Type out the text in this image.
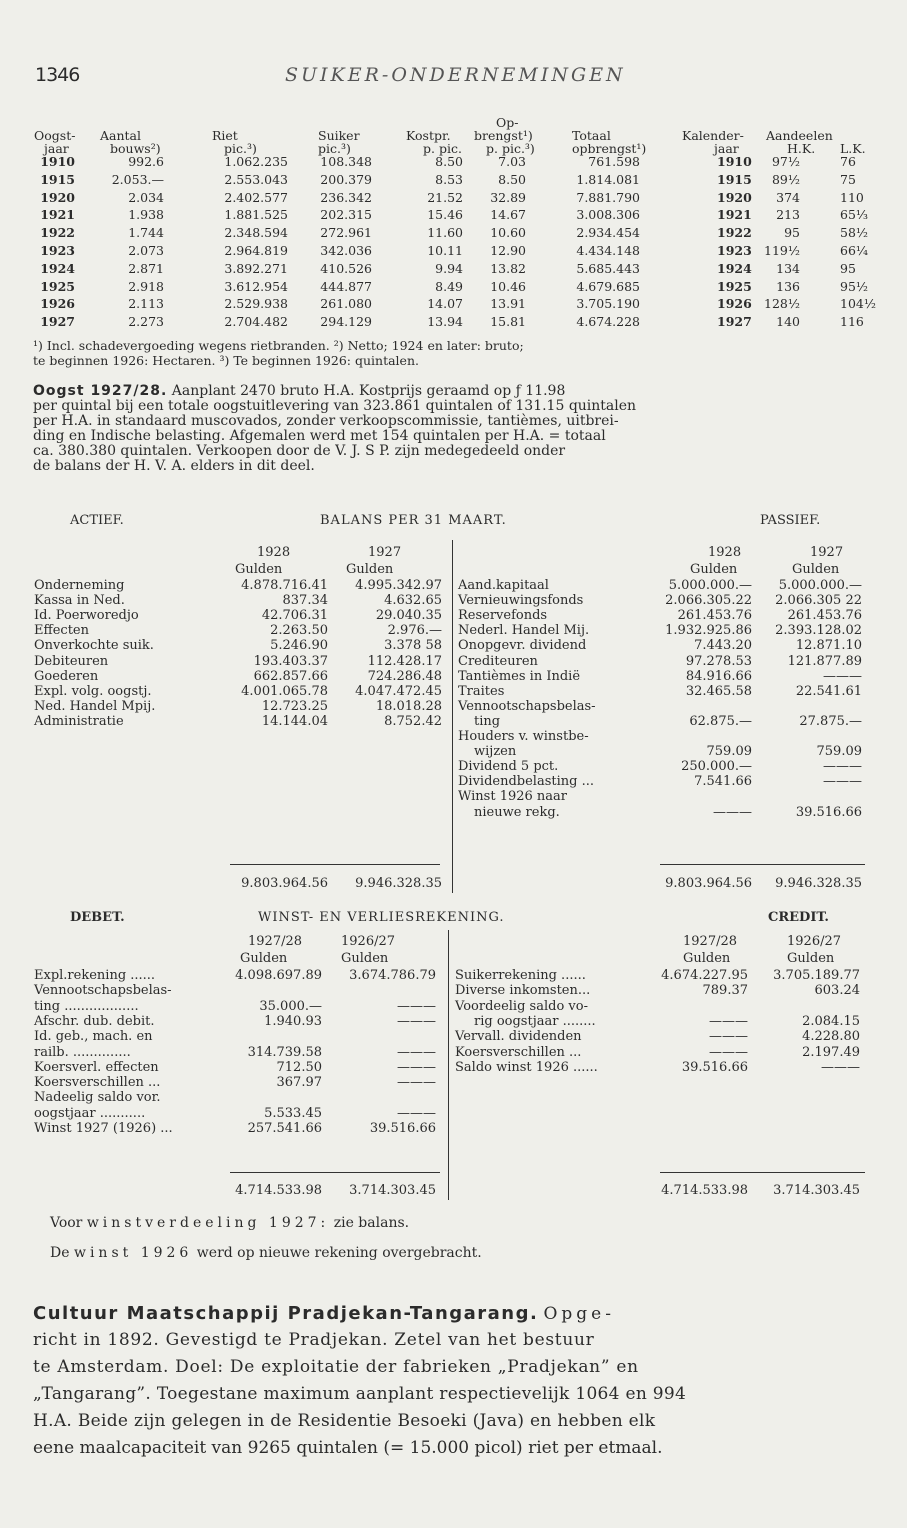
1346	SUIKER-ONDERNEMINGEN
Op-
Oogst- Aantal	Riet	Suiker	Kostpr. brengst¹)	Totaal	Kalender- Aandeelen
jaar	bouws²)	pic.³)	pic.³)	p. pic. p. pic.³)	opbrengst¹)	jaar	H.K. L.K.
1910	992.6	1.062.235	108.348	8.50	7.03	761.598	1910	97½	76
1915	2.053.—	2.553.043	200.379	8.53	8.50	1.814.081	1915	89½	75
1920	2.034	2.402.577	236.342	21.52	32.89	7.881.790	1920	374	110
1921	1.938	1.881.525	202.315	15.46	14.67	3.008.306	1921	213	65⅓
1922	1.744	2.348.594	272.961	11.60	10.60	2.934.454	1922	95	58½
1923	2.073	2.964.819	342.036	10.11	12.90	4.434.148	1923 119½	66¼
1924	2.871	3.892.271	410.526	9.94	13.82	5.685.443	1924	134	95
1925	2.918	3.612.954	444.877	8.49	10.46	4.679.685	1925	136	95½
1926	2.113	2.529.938	261.080	14.07	13.91	3.705.190	1926 128½	104½
1927	2.273	2.704.482	294.129	13.94	15.81	4.674.228	1927	140	116
¹) Incl. schadevergoeding wegens rietbranden. ²) Netto; 1924 en later: bruto;
te beginnen 1926: Hectaren. ³) Te beginnen 1926: quintalen.
Oogst 1927/28. Aanplant 2470 bruto H.A. Kostprijs geraamd op ƒ 11.98
per quintal bij een totale oogstuitlevering van 323.861 quintalen of 131.15 quintalen
per H.A. in standaard muscovados, zonder verkoopscommissie, tantièmes, uitbrei-
ding en Indische belasting. Afgemalen werd met 154 quintalen per H.A. = totaal
ca. 380.380 quintalen. Verkoopen door de V. J. S P. zijn medegedeeld onder
de balans der H. V. A. elders in dit deel.
ACTIEF.	BALANS PER 31 MAART.	PASSIEF.
1928	1927
Gulden	Gulden
1928	1927
Gulden	Gulden
Onderneming	4.878.716.41	4.995.342.97
Kassa in Ned.	837.34	4.632.65
Id. Poerworedjo	42.706.31	29.040.35
Effecten	2.263.50	2.976.—
Onverkochte suik.	5.246.90	3.378 58
Debiteuren	193.403.37	112.428.17
Goederen	662.857.66	724.286.48
Expl. volg. oogstj.	4.001.065.78	4.047.472.45
Ned. Handel Mpij.	12.723.25	18.018.28
Administratie	14.144.04	8.752.42
Aand.kapitaal	5.000.000.—	5.000.000.—
Vernieuwingsfonds	2.066.305.22	2.066.305 22
Reservefonds	261.453.76	261.453.76
Nederl. Handel Mij.	1.932.925.86	2.393.128.02
Onopgevr. dividend	7.443.20	12.871.10
Crediteuren	97.278.53	121.877.89
Tantièmes in Indië	84.916.66	———
Traites	32.465.58	22.541.61
Vennootschapsbelas-
ting	62.875.—	27.875.—
Houders v. winstbe-
wijzen	759.09	759.09
Dividend 5 pct.	250.000.—	———
Dividendbelasting ...	7.541.66	———
Winst 1926 naar
nieuwe rekg.	———	39.516.66
9.803.964.56	9.946.328.35	9.803.964.56	9.946.328.35
DEBET.	WINST- EN VERLIESREKENING.	CREDIT.
1927/28	1926/27
Gulden	Gulden
1927/28	1926/27
Gulden	Gulden
Expl.rekening ......	4.098.697.89	3.674.786.79
Vennootschapsbelas-
ting ..................	35.000.—	———
Afschr. dub. debit.	1.940.93	———
Id. geb., mach. en
railb. ..............	314.739.58	———
Koersverl. effecten	712.50	———
Koersverschillen ...	367.97	———
Nadeelig saldo vor.
oogstjaar ...........	5.533.45	———
Winst 1927 (1926) ...	257.541.66	39.516.66
Suikerrekening ......	4.674.227.95	3.705.189.77
Diverse inkomsten...	789.37	603.24
Voordeelig saldo vo-
rig oogstjaar ........	———	2.084.15
Vervall. dividenden	———	4.228.80
Koersverschillen ...	———	2.197.49
Saldo winst 1926 ......	39.516.66	———
4.714.533.98	3.714.303.45	4.714.533.98	3.714.303.45
Voor winstverdeeling 1927: zie balans.
De winst 1926 werd op nieuwe rekening overgebracht.
Cultuur Maatschappij Pradjekan-Tangarang. Opge-
richt in 1892. Gevestigd te Pradjekan. Zetel van het bestuur
te Amsterdam. Doel: De exploitatie der fabrieken „Pradjekan” en
„Tangarang”. Toegestane maximum aanplant respectievelijk 1064 en 994
H.A. Beide zijn gelegen in de Residentie Besoeki (Java) en hebben elk
eene maalcapaciteit van 9265 quintalen (= 15.000 picol) riet per etmaal.
